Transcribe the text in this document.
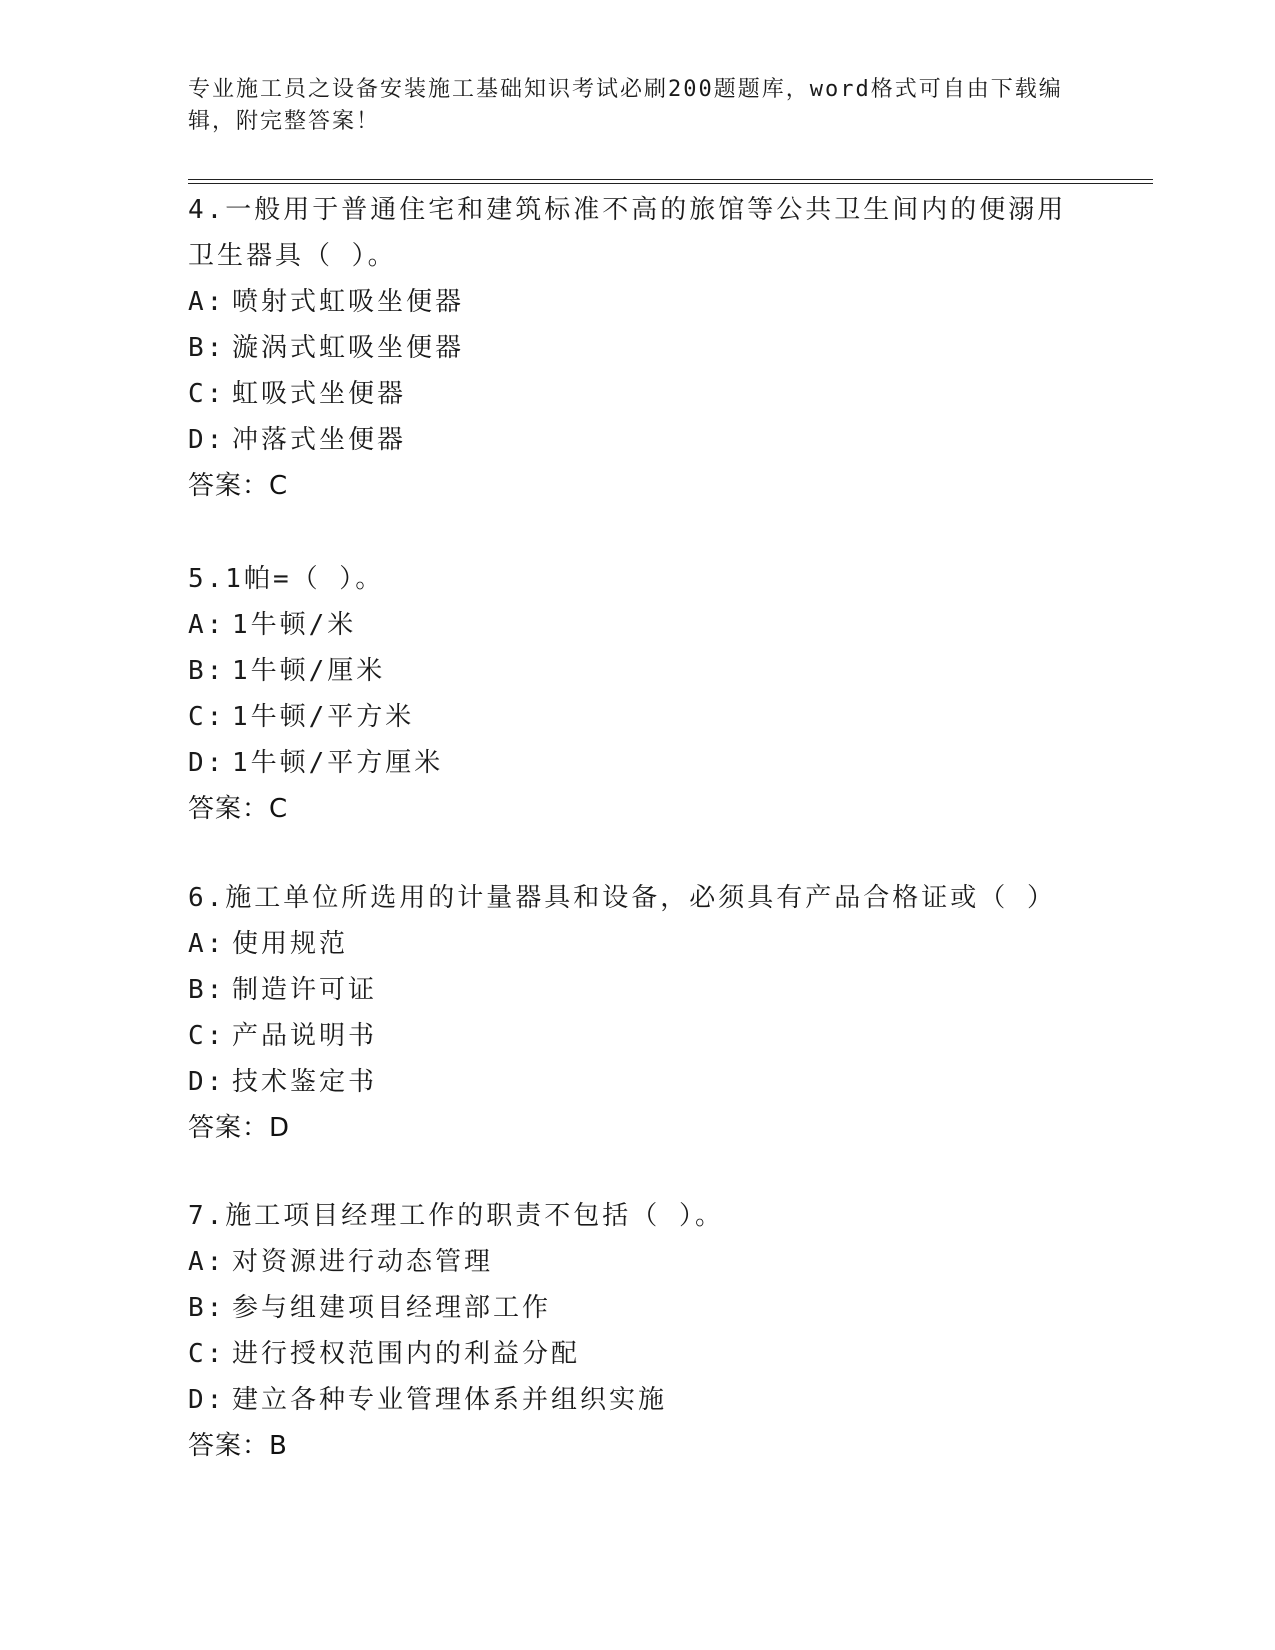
专业施工员之设备安装施工基础知识考试必刷200题题库，word格式可自由下载编辑，附完整答案！
4.一般用于普通住宅和建筑标准不高的旅馆等公共卫生间内的便溺用卫生器具（ ）。
A: 喷射式虹吸坐便器
B: 漩涡式虹吸坐便器
C: 虹吸式坐便器
D: 冲落式坐便器
答案：C
5.1帕=（ ）。
A: 1牛顿/米
B: 1牛顿/厘米
C: 1牛顿/平方米
D: 1牛顿/平方厘米
答案：C
6.施工单位所选用的计量器具和设备，必须具有产品合格证或（ ）
A: 使用规范
B: 制造许可证
C: 产品说明书
D: 技术鉴定书
答案：D
7.施工项目经理工作的职责不包括（ ）。
A: 对资源进行动态管理
B: 参与组建项目经理部工作
C: 进行授权范围内的利益分配
D: 建立各种专业管理体系并组织实施
答案：B
